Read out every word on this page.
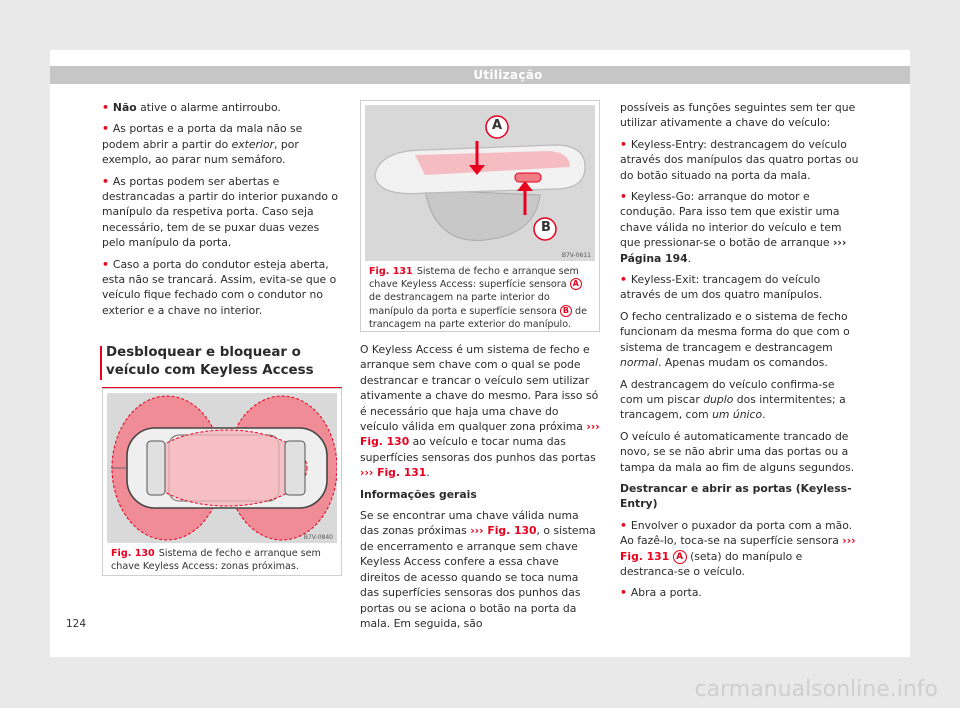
Utilização

• Não ative o alarme antirroubo.

• As portas e a porta da mala não se podem abrir a partir do exterior, por exemplo, ao parar num semáforo.

• As portas podem ser abertas e destrancadas a partir do interior puxando o manípulo da respetiva porta. Caso seja necessário, tem de se puxar duas vezes pelo manípulo da porta.

• Caso a porta do condutor esteja aberta, esta não se trancará. Assim, evita-se que o veículo fique fechado com o condutor no exterior e a chave no interior.

Desbloquear e bloquear o veículo com Keyless Access
B7V-0840
Fig. 130 Sistema de fecho e arranque sem chave Keyless Access: zonas próximas.
A
B
B7V-0611
Fig. 131 Sistema de fecho e arranque sem chave Keyless Access: superfície sensora A de destrancagem na parte interior do manípulo da porta e superfície sensora B de trancagem na parte exterior do manípulo.

O Keyless Access é um sistema de fecho e arranque sem chave com o qual se pode destrancar e trancar o veículo sem utilizar ativamente a chave do mesmo. Para isso só é necessário que haja uma chave do veículo válida em qualquer zona próxima ››› Fig. 130 ao veículo e tocar numa das superfícies sensoras dos punhos das portas ››› Fig. 131.

Informações gerais

Se se encontrar uma chave válida numa das zonas próximas ››› Fig. 130, o sistema de encerramento e arranque sem chave Keyless Access confere a essa chave direitos de acesso quando se toca numa das superfícies sensoras dos punhos das portas ou se aciona o botão na porta da mala. Em seguida, são

possíveis as funções seguintes sem ter que utilizar ativamente a chave do veículo:

• Keyless-Entry: destrancagem do veículo através dos manípulos das quatro portas ou do botão situado na porta da mala.

• Keyless-Go: arranque do motor e condução. Para isso tem que existir uma chave válida no interior do veículo e tem que pressionar-se o botão de arranque ››› Página 194.

• Keyless-Exit: trancagem do veículo através de um dos quatro manípulos.

O fecho centralizado e o sistema de fecho funcionam da mesma forma do que com o sistema de trancagem e destrancagem normal. Apenas mudam os comandos.

A destrancagem do veículo confirma-se com um piscar duplo dos intermitentes; a trancagem, com um único.

O veículo é automaticamente trancado de novo, se se não abrir uma das portas ou a tampa da mala ao fim de alguns segundos.

Destrancar e abrir as portas (Keyless-Entry)

• Envolver o puxador da porta com a mão. Ao fazê-lo, toca-se na superfície sensora ››› Fig. 131 A (seta) do manípulo e destranca-se o veículo.

• Abra a porta.

124
carmanualsonline.info
